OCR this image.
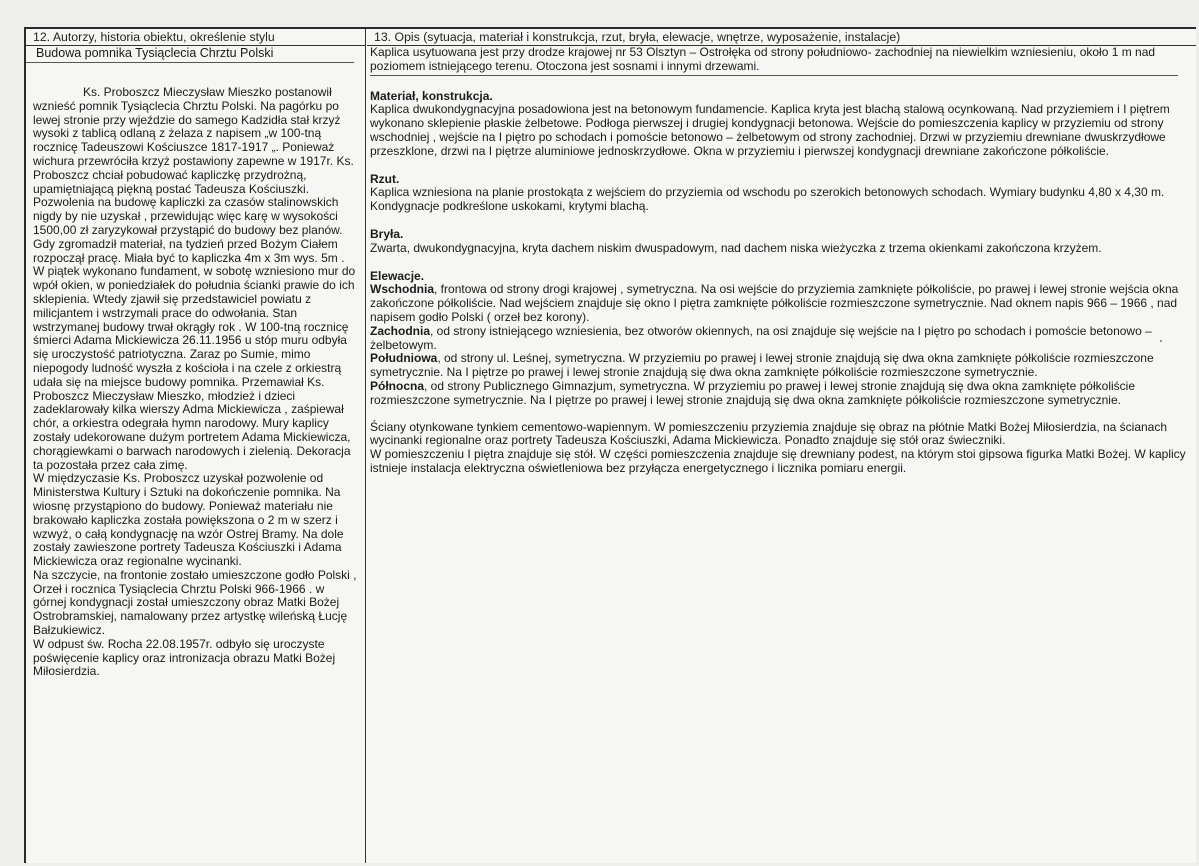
12. Autorzy, historia obiektu, określenie stylu
Budowa pomnika Tysiąclecia Chrztu Polski

Ks. Proboszcz Mieczysław Mieszko postanowił wznieść pomnik Tysiąclecia Chrztu Polski. Na pagórku po lewej stronie przy wjeździe do samego Kadzidła stał krzyż wysoki z tablicą odlaną z żelaza z napisem „w 100-tną rocznicę Tadeuszowi Kościuszce 1817-1917 „. Ponieważ wichura przewróciła krzyż postawiony zapewne w 1917r. Ks. Proboszcz chciał pobudować kapliczkę przydrożną, upamiętniającą piękną postać Tadeusza Kościuszki. Pozwolenia na budowę kapliczki za czasów stalinowskich nigdy by nie uzyskał , przewidując więc karę w wysokości 1500,00 zł zaryzykował przystąpić do budowy bez planów. Gdy zgromadził materiał, na tydzień przed Bożym Ciałem rozpoczął pracę. Miała być to kapliczka 4m x 3m wys. 5m . W piątek wykonano fundament, w sobotę wzniesiono mur do wpół okien, w poniedziałek do południa ścianki prawie do ich sklepienia. Wtedy zjawił się przedstawiciel powiatu z milicjantem i wstrzymali prace do odwołania. Stan wstrzymanej budowy trwał okrągły rok . W 100-tną rocznicę śmierci Adama Mickiewicza 26.11.1956 u stóp muru odbyła się uroczystość patriotyczna. Zaraz po Sumie, mimo niepogody ludność wyszła z kościoła i na czele z orkiestrą udała się na miejsce budowy pomnika. Przemawiał Ks. Proboszcz Mieczysław Mieszko, młodzież i dzieci zadeklarowały kilka wierszy Adma Mickiewicza , zaśpiewał chór, a orkiestra odegrała hymn narodowy. Mury kaplicy zostały udekorowane dużym portretem Adama Mickiewicza, chorągiewkami o barwach narodowych i zielenią. Dekoracja ta pozostała przez cała zimę.

W międzyczasie Ks. Proboszcz uzyskał pozwolenie od Ministerstwa Kultury i Sztuki na dokończenie pomnika. Na wiosnę przystąpiono do budowy. Ponieważ materiału nie brakowało kapliczka została powiększona o 2 m w szerz i wzwyż, o całą kondygnację na wzór Ostrej Bramy. Na dole zostały zawieszone portrety Tadeusza Kościuszki i Adama Mickiewicza oraz regionalne wycinanki.

Na szczycie, na frontonie zostało umieszczone godło Polski , Orzeł i rocznica Tysiąclecia Chrztu Polski 966-1966 . w górnej kondygnacji został umieszczony obraz Matki Bożej Ostrobramskiej, namalowany przez artystkę wileńską Łucję Bałzukiewicz.

W odpust św. Rocha 22.08.1957r. odbyło się uroczyste poświęcenie kaplicy oraz intronizacja obrazu Matki Bożej Miłosierdzia.

13. Opis (sytuacja, materiał i konstrukcja, rzut, bryła, elewacje, wnętrze, wyposażenie, instalacje)

Kaplica usytuowana jest przy drodze krajowej nr 53 Olsztyn – Ostrołęka od strony południowo- zachodniej na niewielkim wzniesieniu, około 1 m nad poziomem istniejącego terenu. Otoczona jest sosnami i innymi drzewami.

Materiał, konstrukcja.

Kaplica dwukondygnacyjna posadowiona jest na betonowym fundamencie. Kaplica kryta jest blachą stalową ocynkowaną. Nad przyziemiem i I piętrem wykonano sklepienie płaskie żelbetowe. Podłoga pierwszej i drugiej kondygnacji betonowa. Wejście do pomieszczenia kaplicy w przyziemiu od strony wschodniej , wejście na I piętro po schodach i pomoście betonowo – żelbetowym od strony zachodniej. Drzwi w przyziemiu drewniane dwuskrzydłowe przeszklone, drzwi na I piętrze aluminiowe jednoskrzydłowe. Okna w przyziemiu i pierwszej kondygnacji drewniane zakończone półkoliście.

Rzut.

Kaplica wzniesiona na planie prostokąta z wejściem do przyziemia od wschodu po szerokich betonowych schodach. Wymiary budynku 4,80 x 4,30 m. Kondygnacje podkreślone uskokami, krytymi blachą.

Bryła.

Zwarta, dwukondygnacyjna, kryta dachem niskim dwuspadowym, nad dachem niska wieżyczka z trzema okienkami zakończona krzyżem.

Elewacje.

Wschodnia, frontowa od strony drogi krajowej , symetryczna. Na osi wejście do przyziemia zamknięte półkoliście, po prawej i lewej stronie wejścia okna zakończone półkoliście. Nad wejściem znajduje się okno I piętra zamknięte półkoliście rozmieszczone symetrycznie. Nad oknem napis 966 – 1966 , nad napisem godło Polski ( orzeł bez korony).

Zachodnia, od strony istniejącego wzniesienia, bez otworów okiennych, na osi znajduje się wejście na I piętro po schodach i pomoście betonowo – żelbetowym.

Południowa, od strony ul. Leśnej, symetryczna. W przyziemiu po prawej i lewej stronie znajdują się dwa okna zamknięte półkoliście rozmieszczone symetrycznie. Na I piętrze po prawej i lewej stronie znajdują się dwa okna zamknięte półkoliście rozmieszczone symetrycznie.

Północna, od strony Publicznego Gimnazjum, symetryczna. W przyziemiu po prawej i lewej stronie znajdują się dwa okna zamknięte półkoliście rozmieszczone symetrycznie. Na I piętrze po prawej i lewej stronie znajdują się dwa okna zamknięte półkoliście rozmieszczone symetrycznie.

Ściany otynkowane tynkiem cementowo-wapiennym. W pomieszczeniu przyziemia znajduje się obraz na płótnie Matki Bożej Miłosierdzia, na ścianach wycinanki regionalne oraz portrety Tadeusza Kościuszki, Adama Mickiewicza. Ponadto znajduje się stół oraz świeczniki.

W pomieszczeniu I piętra znajduje się stół. W części pomieszczenia znajduje się drewniany podest, na którym stoi gipsowa figurka Matki Bożej. W kaplicy istnieje instalacja elektryczna oświetleniowa bez przyłącza energetycznego i licznika pomiaru energii.
